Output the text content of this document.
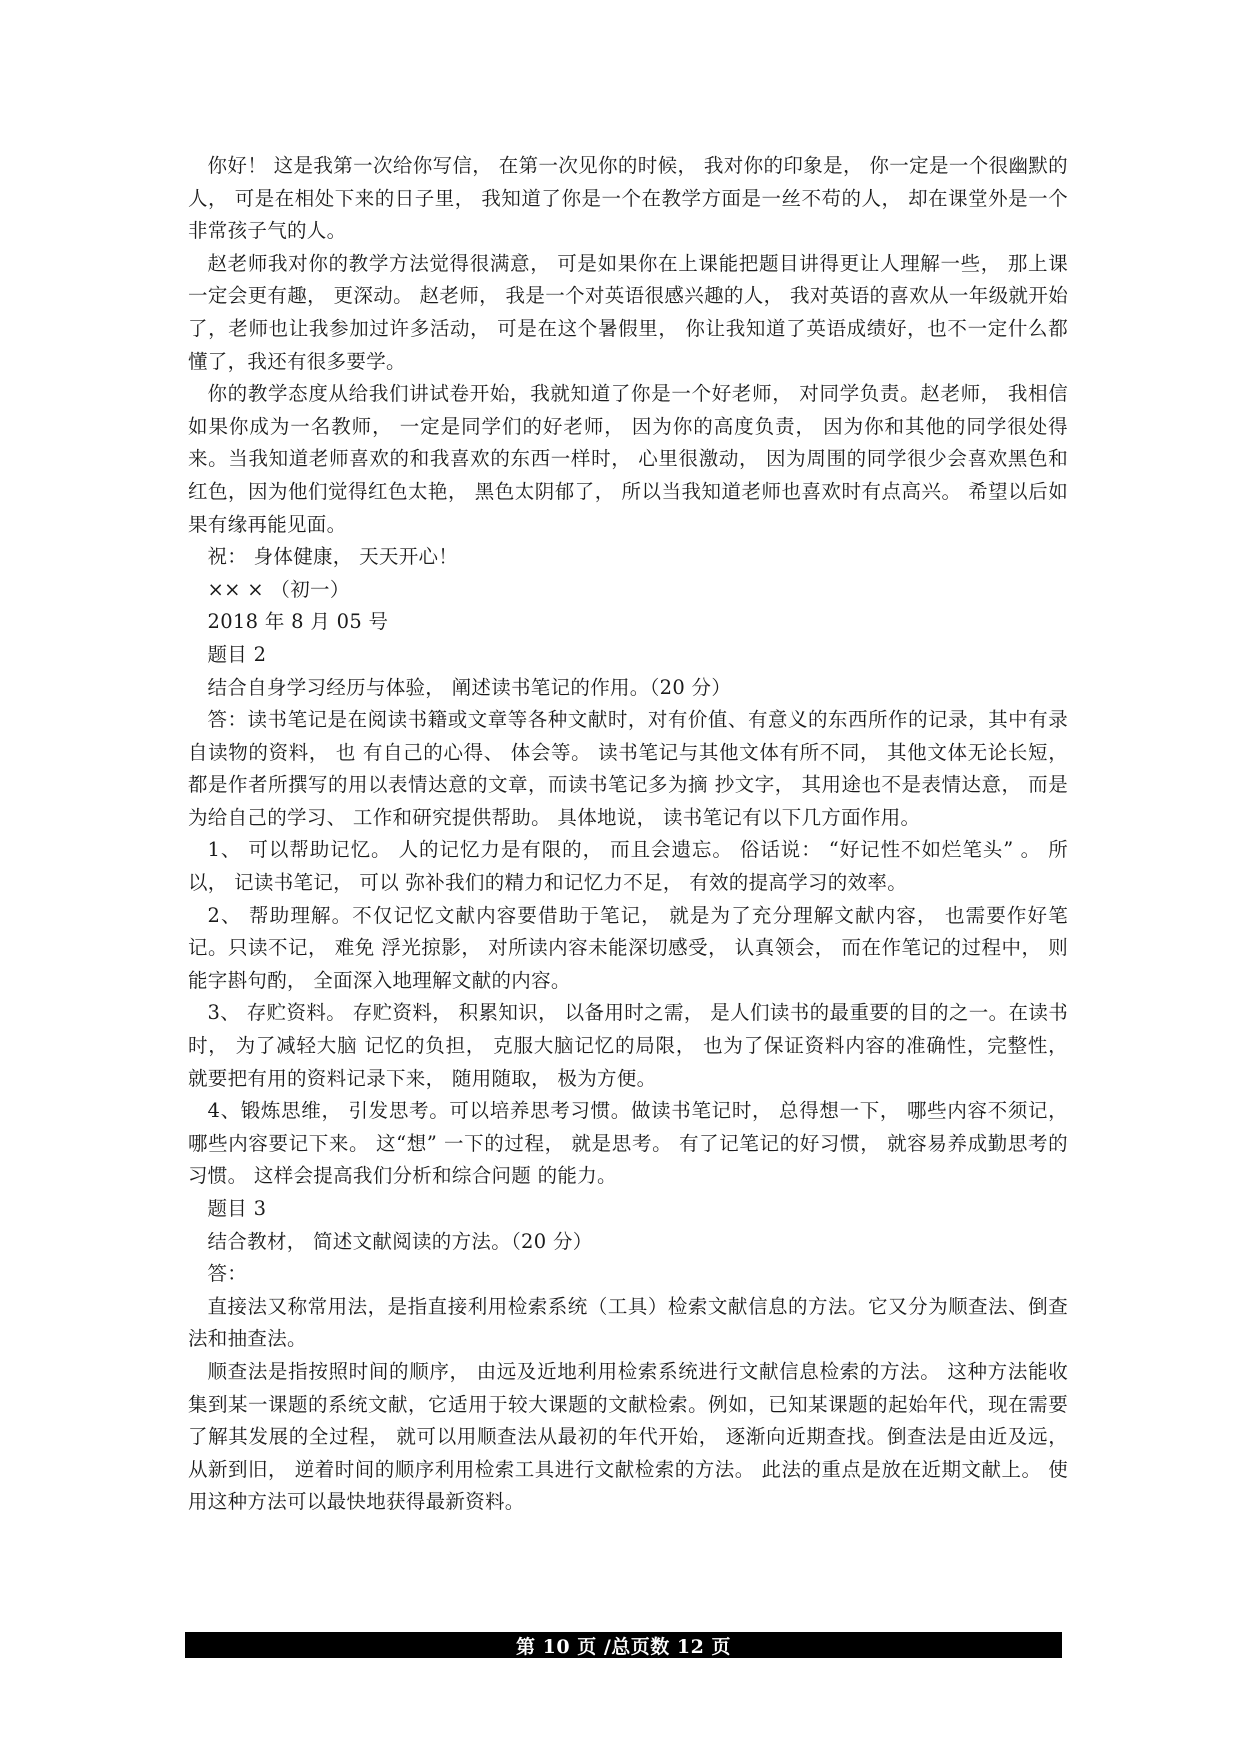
你好！ 这是我第一次给你写信， 在第一次见你的时候， 我对你的印象是， 你一定是一个很幽默的人， 可是在相处下来的日子里， 我知道了你是一个在教学方面是一丝不苟的人， 却在课堂外是一个非常孩子气的人。

赵老师我对你的教学方法觉得很满意， 可是如果你在上课能把题目讲得更让人理解一些， 那上课一定会更有趣， 更深动。 赵老师， 我是一个对英语很感兴趣的人， 我对英语的喜欢从一年级就开始了，老师也让我参加过许多活动， 可是在这个暑假里， 你让我知道了英语成绩好，也不一定什么都懂了，我还有很多要学。

你的教学态度从给我们讲试卷开始，我就知道了你是一个好老师， 对同学负责。赵老师， 我相信如果你成为一名教师， 一定是同学们的好老师， 因为你的高度负责， 因为你和其他的同学很处得来。当我知道老师喜欢的和我喜欢的东西一样时， 心里很激动， 因为周围的同学很少会喜欢黑色和红色，因为他们觉得红色太艳， 黑色太阴郁了， 所以当我知道老师也喜欢时有点高兴。 希望以后如果有缘再能见面。

祝： 身体健康， 天天开心！

×× × （初一）

2018 年 8 月 05 号

题目 2

结合自身学习经历与体验， 阐述读书笔记的作用。（20 分）

答：读书笔记是在阅读书籍或文章等各种文献时，对有价值、有意义的东西所作的记录，其中有录自读物的资料， 也 有自己的心得、 体会等。 读书笔记与其他文体有所不同， 其他文体无论长短，都是作者所撰写的用以表情达意的文章，而读书笔记多为摘 抄文字， 其用途也不是表情达意， 而是为给自己的学习、 工作和研究提供帮助。 具体地说， 读书笔记有以下几方面作用。

1、 可以帮助记忆。 人的记忆力是有限的， 而且会遗忘。 俗话说： “好记性不如烂笔头” 。 所以， 记读书笔记， 可以 弥补我们的精力和记忆力不足， 有效的提高学习的效率。

2、 帮助理解。不仅记忆文献内容要借助于笔记， 就是为了充分理解文献内容， 也需要作好笔记。只读不记， 难免 浮光掠影， 对所读内容未能深切感受， 认真领会， 而在作笔记的过程中， 则能字斟句酌， 全面深入地理解文献的内容。

3、 存贮资料。 存贮资料， 积累知识， 以备用时之需， 是人们读书的最重要的目的之一。在读书时， 为了减轻大脑 记忆的负担， 克服大脑记忆的局限， 也为了保证资料内容的准确性，完整性， 就要把有用的资料记录下来， 随用随取， 极为方便。

4、锻炼思维， 引发思考。可以培养思考习惯。做读书笔记时， 总得想一下， 哪些内容不须记，哪些内容要记下来。 这“想” 一下的过程， 就是思考。 有了记笔记的好习惯， 就容易养成勤思考的习惯。 这样会提高我们分析和综合问题 的能力。

题目 3

结合教材， 简述文献阅读的方法。（20 分）

答：

直接法又称常用法，是指直接利用检索系统（工具）检索文献信息的方法。它又分为顺查法、倒查法和抽查法。

顺查法是指按照时间的顺序， 由远及近地利用检索系统进行文献信息检索的方法。 这种方法能收集到某一课题的系统文献，它适用于较大课题的文献检索。例如，已知某课题的起始年代，现在需要了解其发展的全过程， 就可以用顺查法从最初的年代开始， 逐渐向近期查找。倒查法是由近及远， 从新到旧， 逆着时间的顺序利用检索工具进行文献检索的方法。 此法的重点是放在近期文献上。 使用这种方法可以最快地获得最新资料。

第 10 页 /总页数 12 页
